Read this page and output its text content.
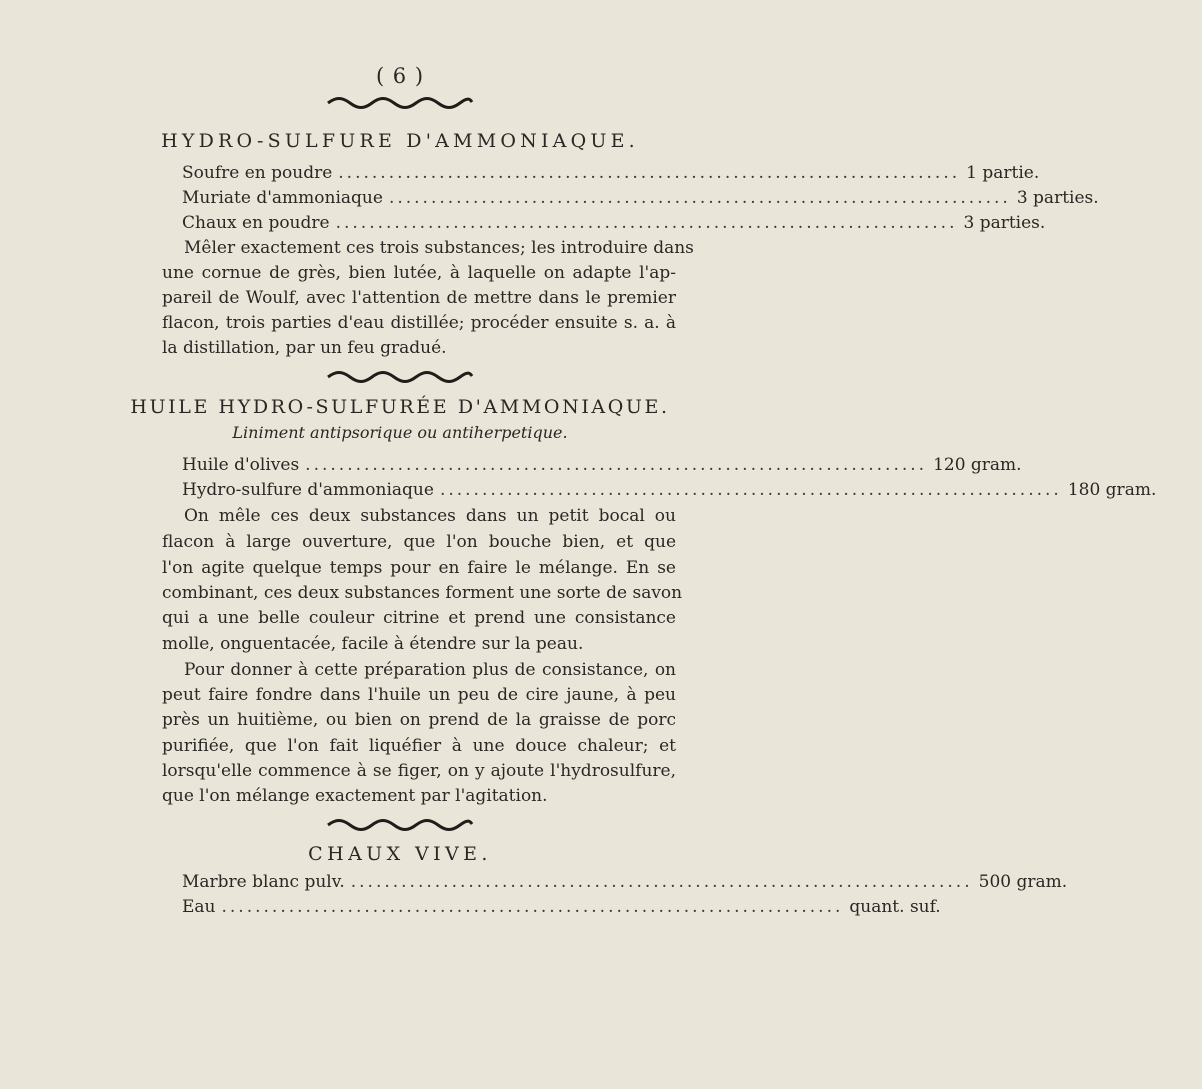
( 6 )
HYDRO-SULFURE D'AMMONIAQUE.
Soufre en poudre .......................................................................... 1 partie.
Muriate d'ammoniaque .......................................................................... 3 parties.
Chaux en poudre .......................................................................... 3 parties.
Mêler exactement ces trois substances; les introduire dans
une cornue de grès, bien lutée, à laquelle on adapte l'ap-
pareil de Woulf, avec l'attention de mettre dans le premier
flacon, trois parties d'eau distillée; procéder ensuite s. a. à
la distillation, par un feu gradué.
HUILE HYDRO-SULFURÉE D'AMMONIAQUE.
Liniment antipsorique ou antiherpetique.
Huile d'olives .......................................................................... 120 gram.
Hydro-sulfure d'ammoniaque .......................................................................... 180 gram.
On mêle ces deux substances dans un petit bocal ou
flacon à large ouverture, que l'on bouche bien, et que
l'on agite quelque temps pour en faire le mélange. En se
combinant, ces deux substances forment une sorte de savon
qui a une belle couleur citrine et prend une consistance
molle, onguentacée, facile à étendre sur la peau.
Pour donner à cette préparation plus de consistance, on
peut faire fondre dans l'huile un peu de cire jaune, à peu
près un huitième, ou bien on prend de la graisse de porc
purifiée, que l'on fait liquéfier à une douce chaleur; et
lorsqu'elle commence à se figer, on y ajoute l'hydrosulfure,
que l'on mélange exactement par l'agitation.
CHAUX VIVE.
Marbre blanc pulv. .......................................................................... 500 gram.
Eau .......................................................................... quant. suf.
